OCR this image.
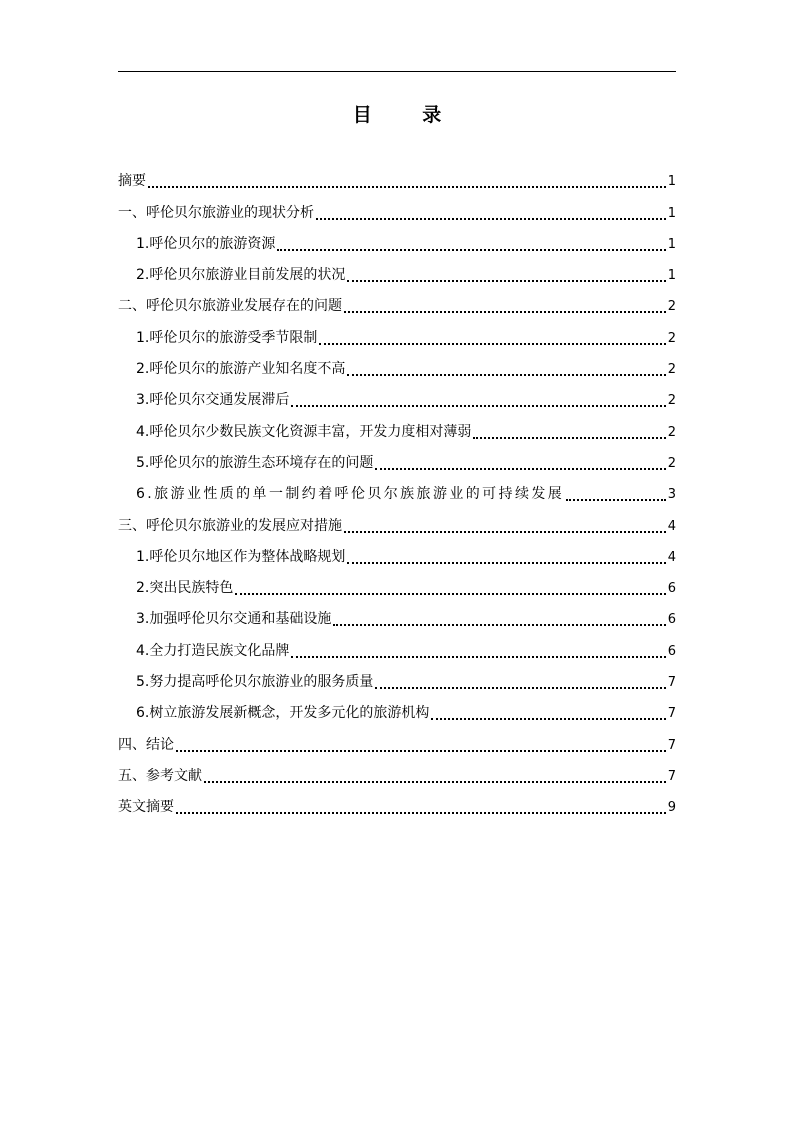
目 录
摘要	1
一、呼伦贝尔旅游业的现状分析	1
1.呼伦贝尔的旅游资源	1
2.呼伦贝尔旅游业目前发展的状况	1
二、呼伦贝尔旅游业发展存在的问题	2
1.呼伦贝尔的旅游受季节限制	2
2.呼伦贝尔的旅游产业知名度不高	2
3.呼伦贝尔交通发展滞后	2
4.呼伦贝尔少数民族文化资源丰富，开发力度相对薄弱	2
5.呼伦贝尔的旅游生态环境存在的问题	2
6.旅游业性质的单一制约着呼伦贝尔族旅游业的可持续发展	3
三、呼伦贝尔旅游业的发展应对措施	4
1.呼伦贝尔地区作为整体战略规划	4
2.突出民族特色	6
3.加强呼伦贝尔交通和基础设施	6
4.全力打造民族文化品牌	6
5.努力提高呼伦贝尔旅游业的服务质量	7
6.树立旅游发展新概念，开发多元化的旅游机构	7
四、结论	7
五、参考文献	7
英文摘要	9
